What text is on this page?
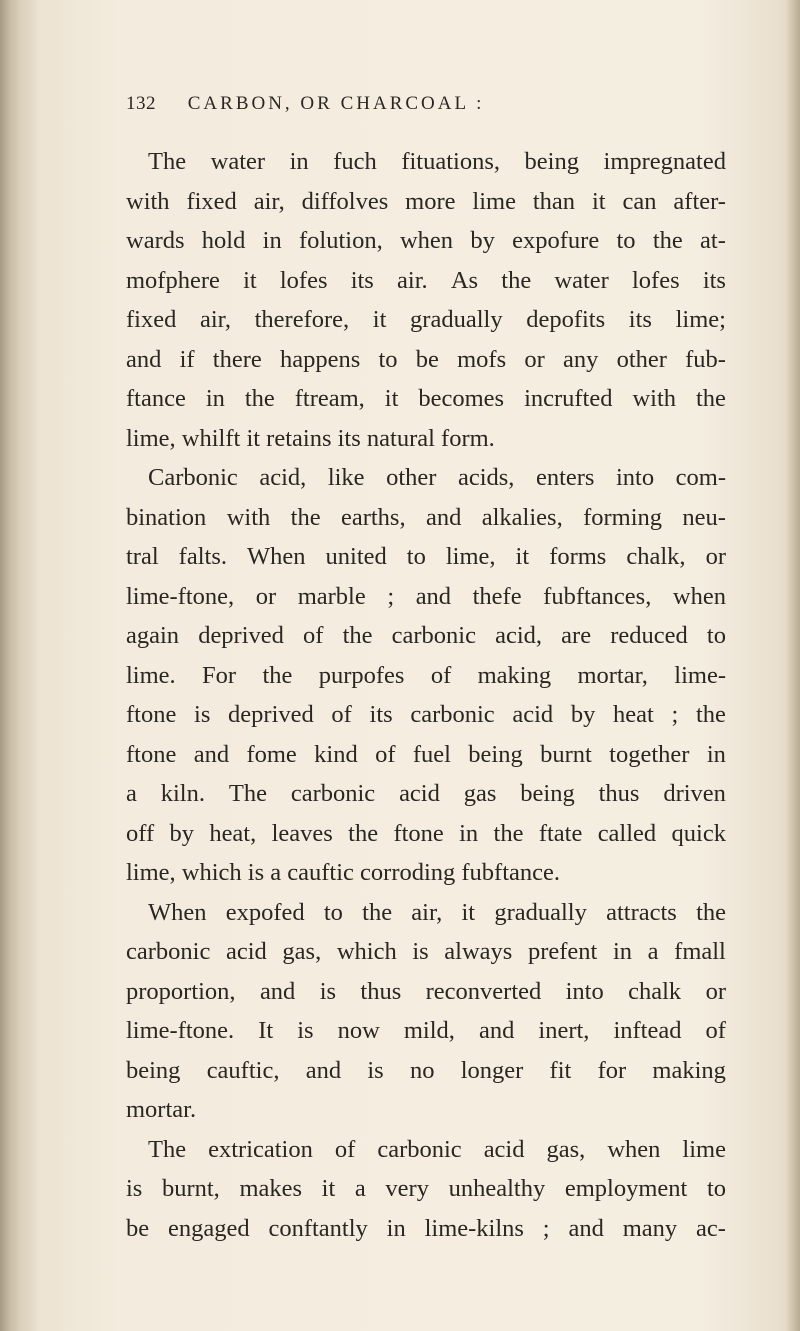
132 CARBON, OR CHARCOAL :
The water in fuch fituations, being impregnated
with fixed air, diffolves more lime than it can after-
wards hold in folution, when by expofure to the at-
mofphere it lofes its air. As the water lofes its
fixed air, therefore, it gradually depofits its lime;
and if there happens to be mofs or any other fub-
ftance in the ftream, it becomes incrufted with the
lime, whilft it retains its natural form.
Carbonic acid, like other acids, enters into com-
bination with the earths, and alkalies, forming neu-
tral falts. When united to lime, it forms chalk, or
lime-ftone, or marble ; and thefe fubftances, when
again deprived of the carbonic acid, are reduced to
lime. For the purpofes of making mortar, lime-
ftone is deprived of its carbonic acid by heat ; the
ftone and fome kind of fuel being burnt together in
a kiln. The carbonic acid gas being thus driven
off by heat, leaves the ftone in the ftate called quick
lime, which is a cauftic corroding fubftance.
When expofed to the air, it gradually attracts the
carbonic acid gas, which is always prefent in a fmall
proportion, and is thus reconverted into chalk or
lime-ftone. It is now mild, and inert, inftead of
being cauftic, and is no longer fit for making
mortar.
The extrication of carbonic acid gas, when lime
is burnt, makes it a very unhealthy employment to
be engaged conftantly in lime-kilns ; and many ac-
